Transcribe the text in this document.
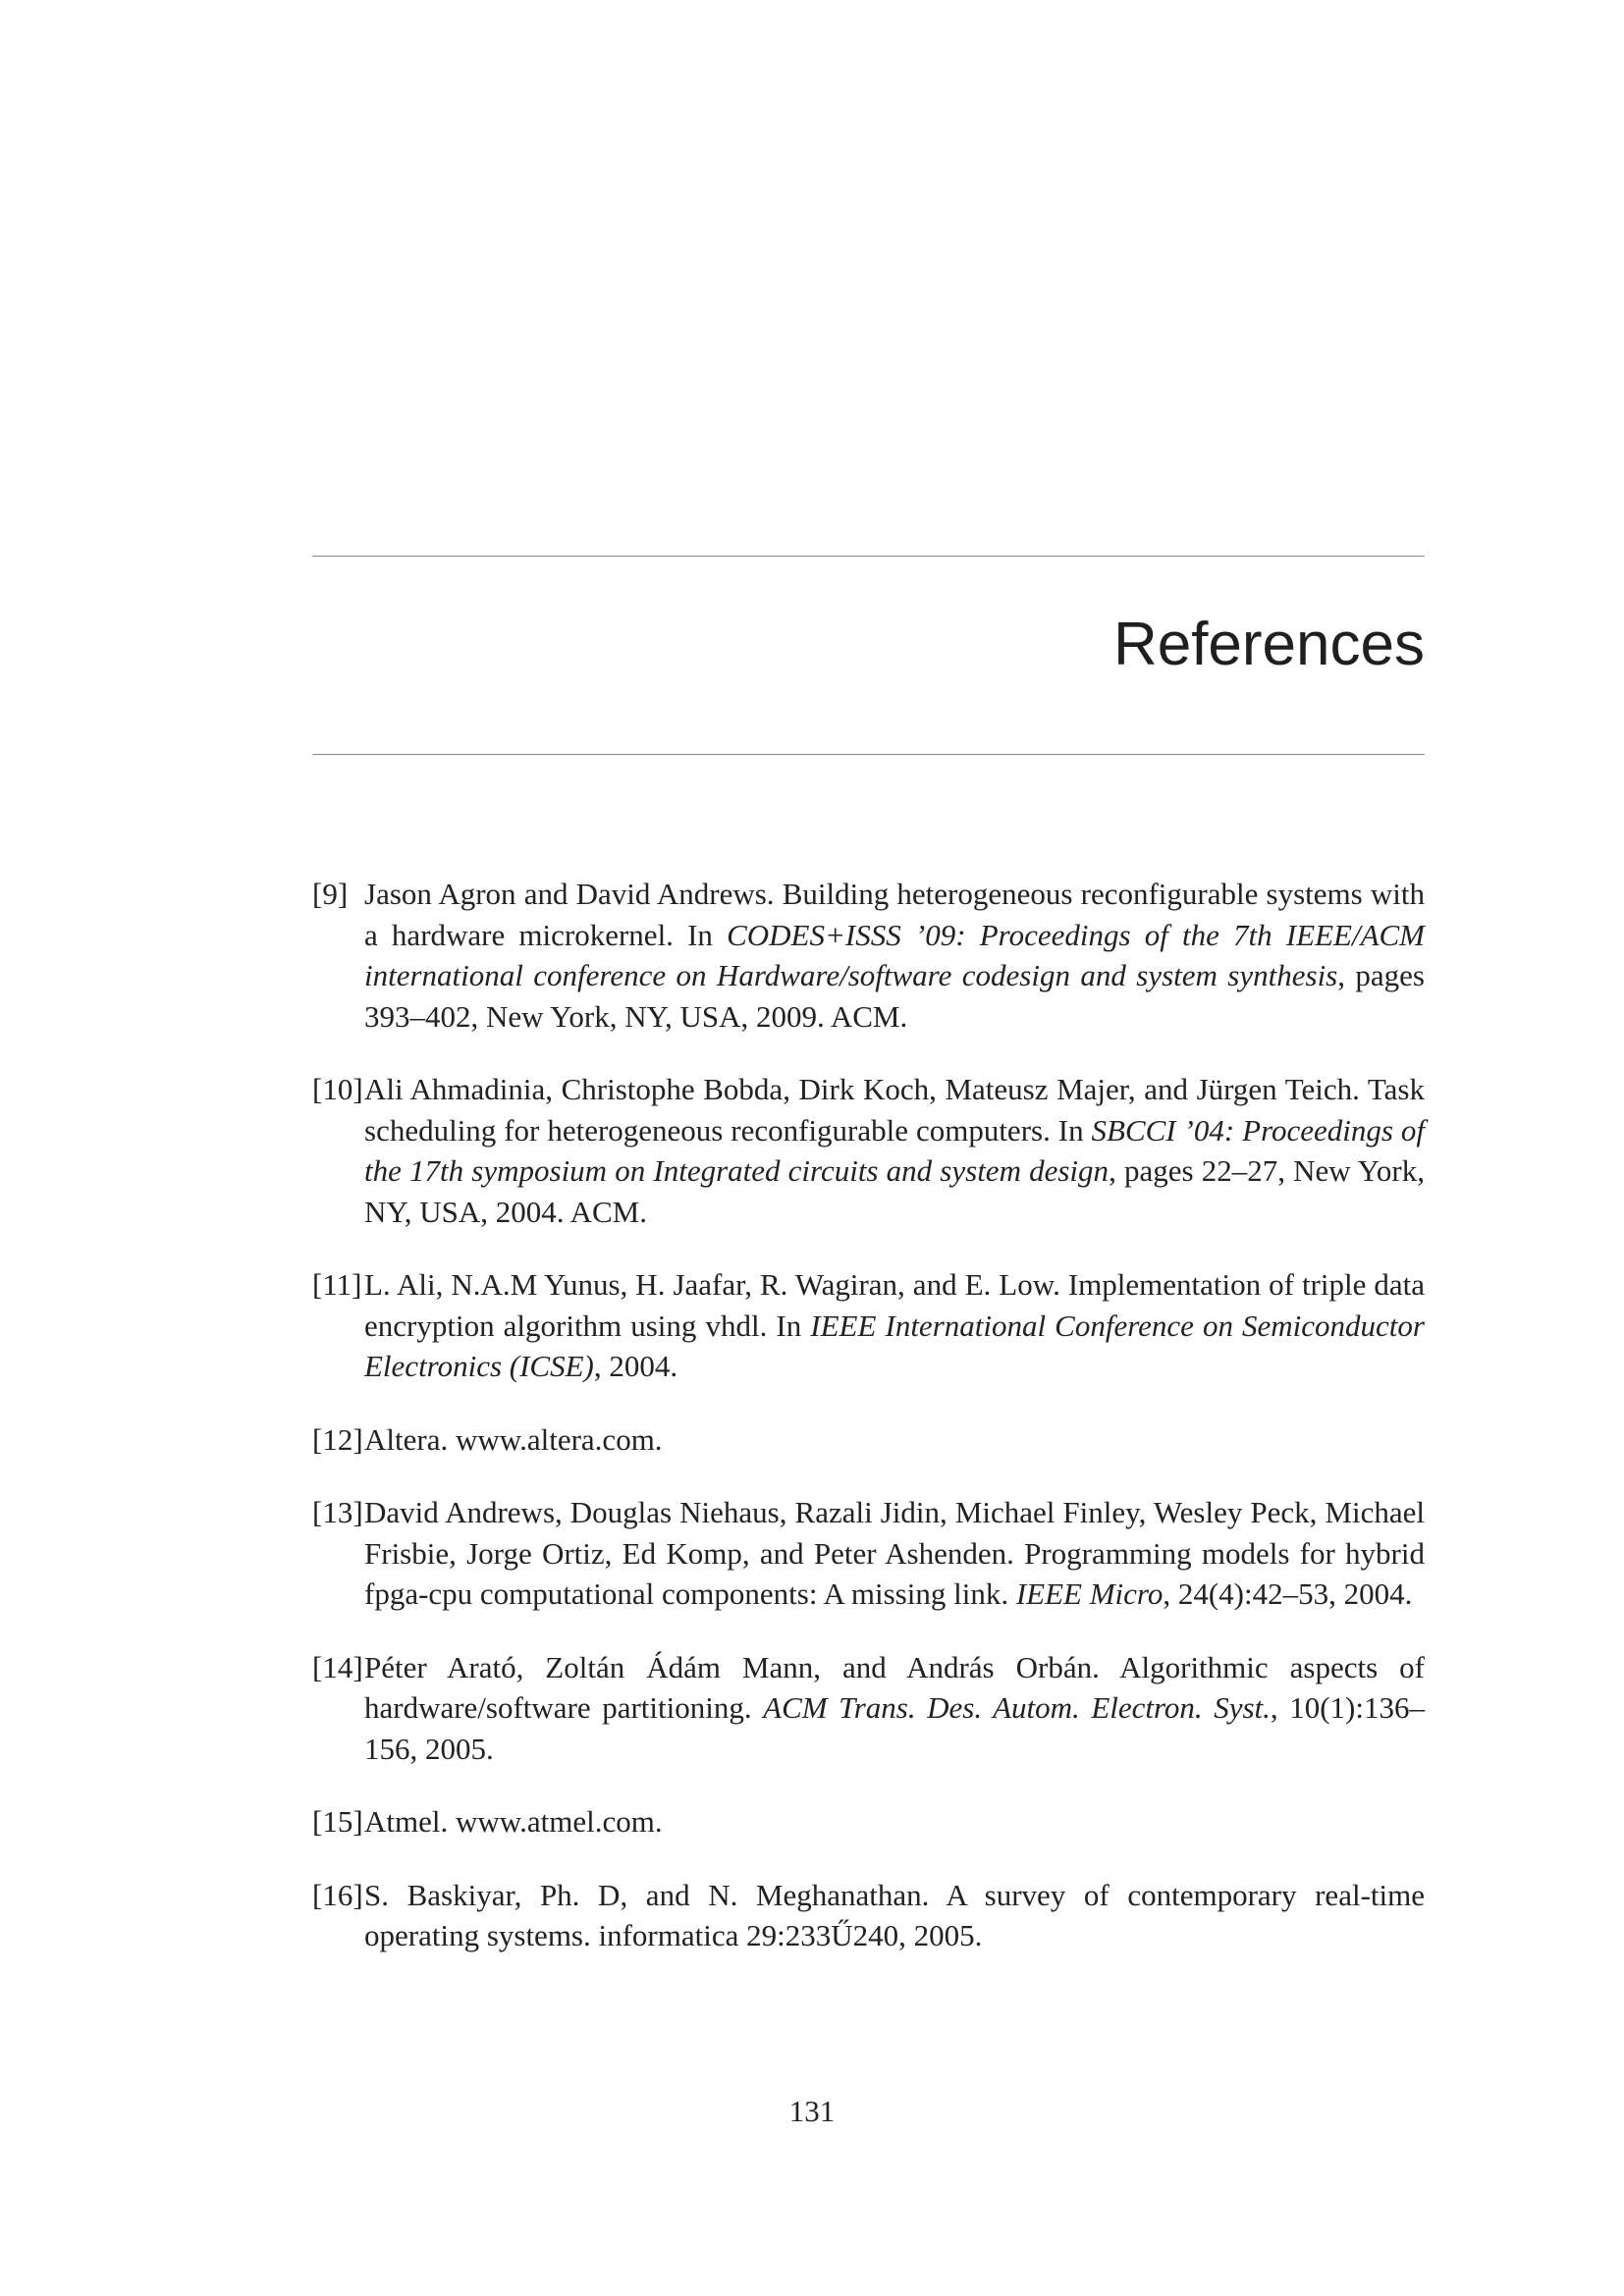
References
[9] Jason Agron and David Andrews. Building heterogeneous reconfigurable systems with a hardware microkernel. In CODES+ISSS ’09: Proceedings of the 7th IEEE/ACM international conference on Hardware/software codesign and system synthesis, pages 393–402, New York, NY, USA, 2009. ACM.
[10] Ali Ahmadinia, Christophe Bobda, Dirk Koch, Mateusz Majer, and Jürgen Teich. Task scheduling for heterogeneous reconfigurable computers. In SBCCI ’04: Proceedings of the 17th symposium on Integrated circuits and system design, pages 22–27, New York, NY, USA, 2004. ACM.
[11] L. Ali, N.A.M Yunus, H. Jaafar, R. Wagiran, and E. Low. Implementation of triple data encryption algorithm using vhdl. In IEEE International Conference on Semiconductor Electronics (ICSE), 2004.
[12] Altera. www.altera.com.
[13] David Andrews, Douglas Niehaus, Razali Jidin, Michael Finley, Wesley Peck, Michael Frisbie, Jorge Ortiz, Ed Komp, and Peter Ashenden. Programming models for hybrid fpga-cpu computational components: A missing link. IEEE Micro, 24(4):42–53, 2004.
[14] Péter Arató, Zoltán Ádám Mann, and András Orbán. Algorithmic aspects of hardware/software partitioning. ACM Trans. Des. Autom. Electron. Syst., 10(1):136–156, 2005.
[15] Atmel. www.atmel.com.
[16] S. Baskiyar, Ph. D, and N. Meghanathan. A survey of contemporary real-time operating systems. informatica 29:233Ű240, 2005.
131
